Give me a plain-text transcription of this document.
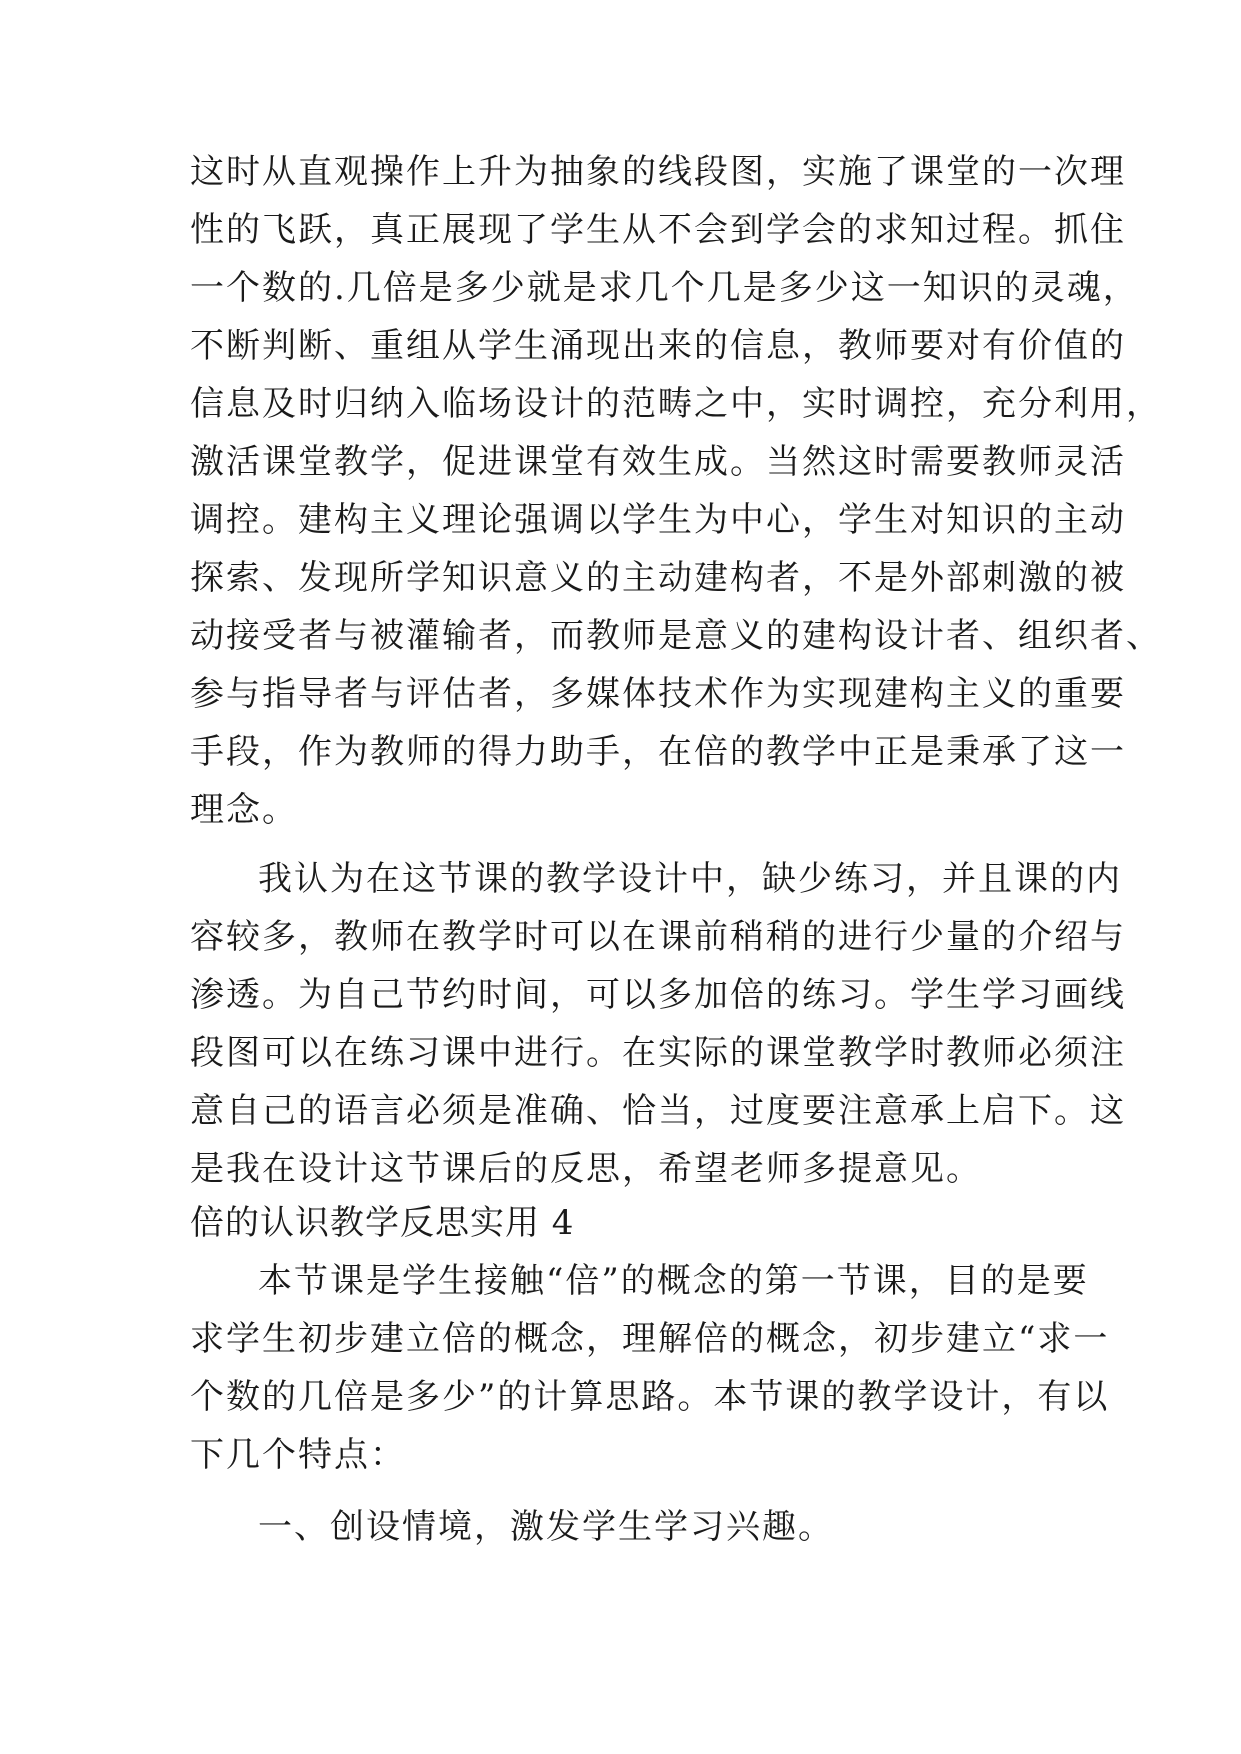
这时从直观操作上升为抽象的线段图，实施了课堂的一次理
性的飞跃，真正展现了学生从不会到学会的求知过程。抓住
一个数的.几倍是多少就是求几个几是多少这一知识的灵魂，
不断判断、重组从学生涌现出来的信息，教师要对有价值的
信息及时归纳入临场设计的范畴之中，实时调控，充分利用，
激活课堂教学，促进课堂有效生成。当然这时需要教师灵活
调控。建构主义理论强调以学生为中心，学生对知识的主动
探索、发现所学知识意义的主动建构者，不是外部刺激的被
动接受者与被灌输者，而教师是意义的建构设计者、组织者、
参与指导者与评估者，多媒体技术作为实现建构主义的重要
手段，作为教师的得力助手，在倍的教学中正是秉承了这一
理念。
我认为在这节课的教学设计中，缺少练习，并且课的内
容较多，教师在教学时可以在课前稍稍的进行少量的介绍与
渗透。为自己节约时间，可以多加倍的练习。学生学习画线
段图可以在练习课中进行。在实际的课堂教学时教师必须注
意自己的语言必须是准确、恰当，过度要注意承上启下。这
是我在设计这节课后的反思，希望老师多提意见。
倍的认识教学反思实用 4
本节课是学生接触“倍”的概念的第一节课，目的是要
求学生初步建立倍的概念，理解倍的概念，初步建立“求一
个数的几倍是多少”的计算思路。本节课的教学设计，有以
下几个特点：
一、创设情境，激发学生学习兴趣。
